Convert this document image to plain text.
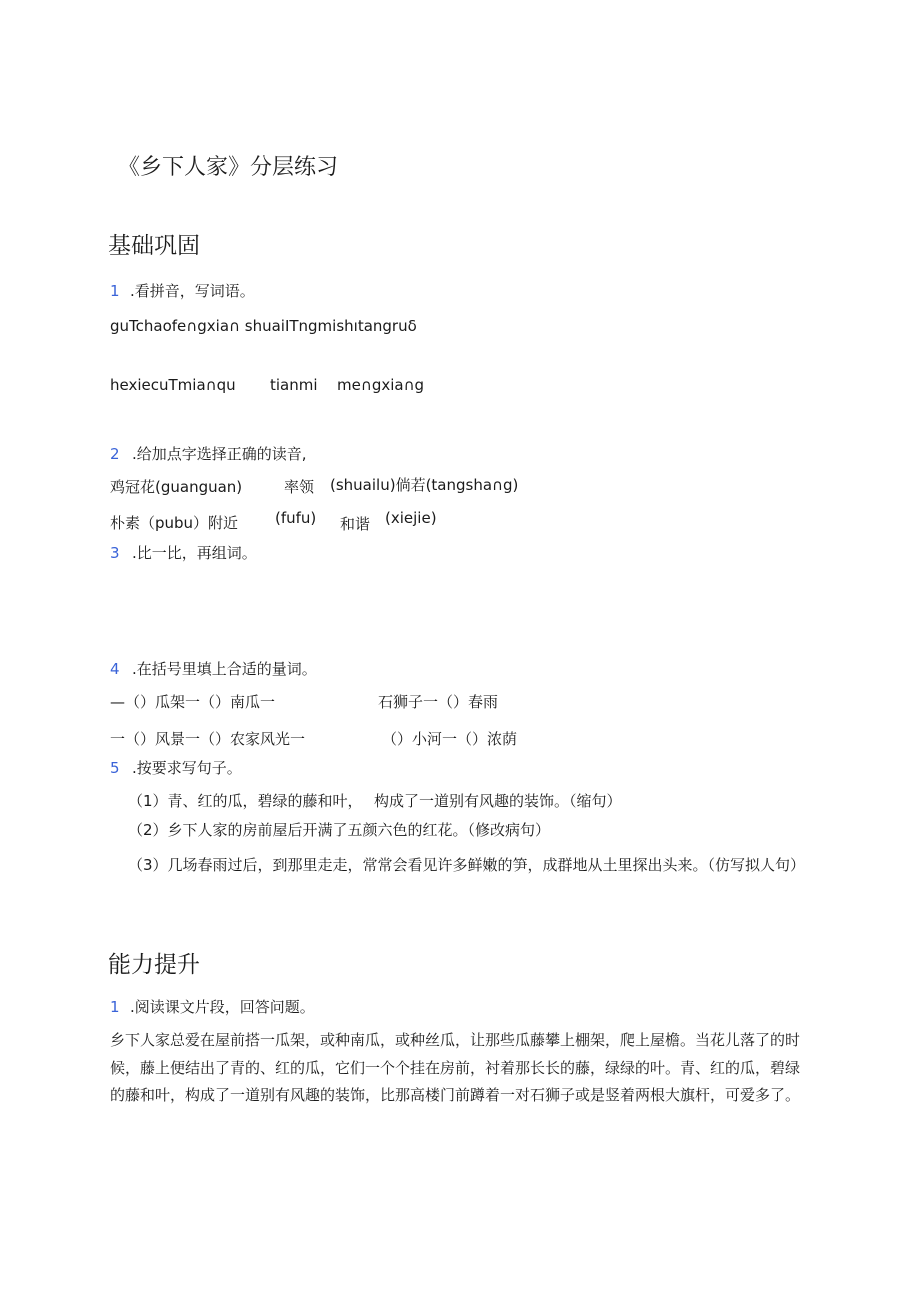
《乡下人家》分层练习
基础巩固
1 .看拼音，写词语。
guTchaofe∩gxia∩ shuaiITngmishıtangruδ
hexiecuTmia∩qu tianmi me∩gxia∩g
2 .给加点字选择正确的读音,
鸡冠花(guanguan)	率领 (shuailu)倘若(tangsha∩g)
朴素（pubu）附近 (fufu) 和谐 (xiejie)
3 .比一比，再组词。
4 .在括号里填上合适的量词。
—（）瓜架一（）南瓜一	石狮子一（）春雨
一（）风景一（）农家风光一	（）小河一（）浓荫
5 .按要求写句子。
（1）青、红的瓜，碧绿的藤和叶， 构成了一道别有风趣的装饰。（缩句）
（2）乡下人家的房前屋后开满了五颜六色的红花。（修改病句）
（3）几场春雨过后，到那里走走，常常会看见许多鲜嫩的笋，成群地从土里探出头来。（仿写拟人句）
能力提升
1 .阅读课文片段，回答问题。
乡下人家总爱在屋前搭一瓜架，或种南瓜，或种丝瓜，让那些瓜藤攀上棚架，爬上屋檐。当花儿落了的时候，藤上便结出了青的、红的瓜，它们一个个挂在房前，衬着那长长的藤，绿绿的叶。青、红的瓜，碧绿的藤和叶，构成了一道别有风趣的装饰，比那高楼门前蹲着一对石狮子或是竖着两根大旗杆，可爱多了。
